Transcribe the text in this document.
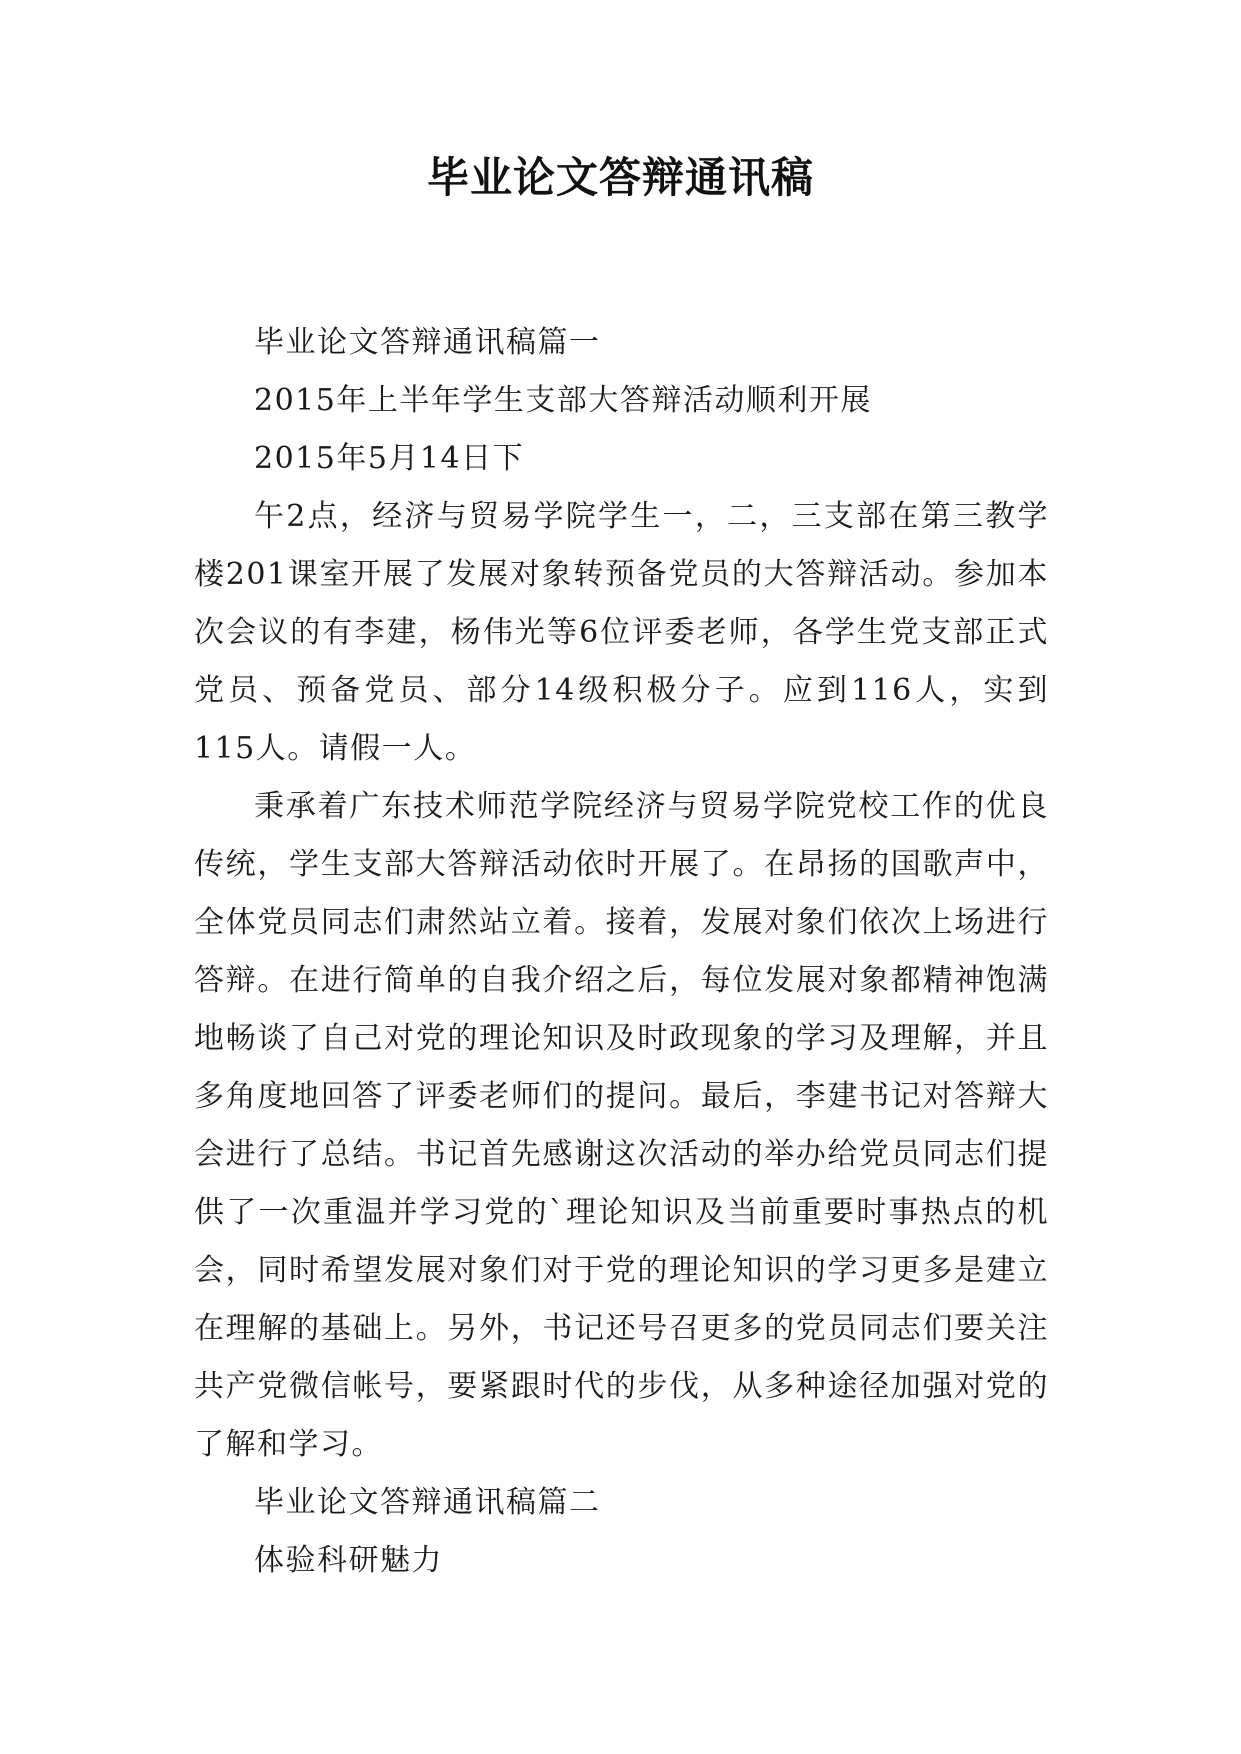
毕业论文答辩通讯稿

毕业论文答辩通讯稿篇一

2015年上半年学生支部大答辩活动顺利开展

2015年5月14日下

午2点，经济与贸易学院学生一，二，三支部在第三教学楼201课室开展了发展对象转预备党员的大答辩活动。参加本次会议的有李建，杨伟光等6位评委老师，各学生党支部正式党员、预备党员、部分14级积极分子。应到116人，实到115人。请假一人。

秉承着广东技术师范学院经济与贸易学院党校工作的优良传统，学生支部大答辩活动依时开展了。在昂扬的国歌声中，全体党员同志们肃然站立着。接着，发展对象们依次上场进行答辩。在进行简单的自我介绍之后，每位发展对象都精神饱满地畅谈了自己对党的理论知识及时政现象的学习及理解，并且多角度地回答了评委老师们的提问。最后，李建书记对答辩大会进行了总结。书记首先感谢这次活动的举办给党员同志们提供了一次重温并学习党的`理论知识及当前重要时事热点的机会，同时希望发展对象们对于党的理论知识的学习更多是建立在理解的基础上。另外，书记还号召更多的党员同志们要关注共产党微信帐号，要紧跟时代的步伐，从多种途径加强对党的了解和学习。

毕业论文答辩通讯稿篇二

体验科研魅力
